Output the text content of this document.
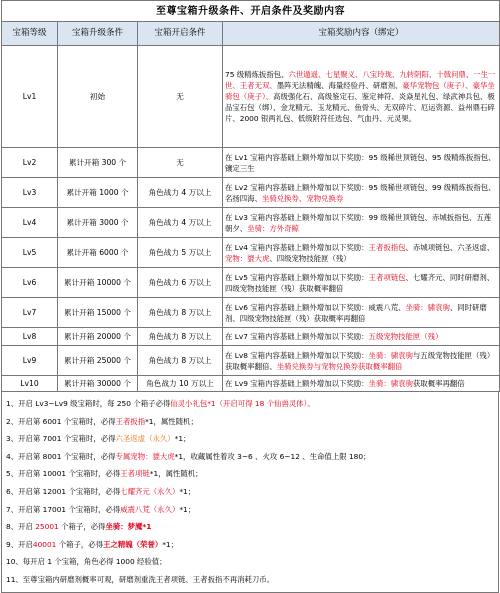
至尊宝箱升级条件、开启条件及奖励内容			
宝箱等级	宝箱升级条件	宝箱开启条件	宝箱奖励内容（绑定）
Lv1	初始	无	75 级精炼扳指包、六世遁遥、七星聚义、八宝玲珑、九转阴阳、十戟问鼎、一生一世、王者无双、墨阵无法精魄、海量经验丹、研磨剂、豪华宠物包（庚子）、豪华坐骑包（庚子）、高级强化石、高级鉴定石、鉴定神符、炎焱星礼包、绿武神兵包、极品宝石包（绑）、金龙精元、玉龙精元、鱼骨头、无双碎片、厄运资源、益州鼎石碎片、2000 银两礼包、低级附符任选包、气血丹、元灵果。
Lv2	累计开箱 300 个	无	在 Lv1 宝箱内容基础上额外增加以下奖励：95 级稀世顶链包、95 级精炼扳指包、镶定三生
Lv3	累计开箱 1000 个	角色战力 4 万以上	在 Lv2 宝箱内容基础上额外增加以下奖励：95 级稀世项链包、99 级精炼扳指包、名扬四海、坐骑兑换券、宠物兑换券
Lv4	累计开箱 3000 个	角色战力 4 万以上	在 Lv3 宝箱内容基础上额外增加以下奖励：99 级稀世顶链包、赤城扳指包、五莲朝夕、坐骑：方外奇鲸
Lv5	累计开箱 6000 个	角色战力 5 万以上	在 Lv4 宝箱内容基础上额外增加以下奖励：王者扳指包、赤城项链包、六圣返虚、宠物：貔大虎、四级宠物技能匣（残）
Lv6	累计开箱 10000 个	角色战力 6 万以上	在 Lv5 宝箱内容基础上额外增加以下奖励：王者项链包、七耀齐元、同时研磨剂、四级宠物技能匣（残）获取概率翻倍
Lv7	累计开箱 15000 个	角色战力 8 万以上	在 Lv6 宝箱内容基础上额外增加以下奖励：威震八荒、坐骑：骕袁驹、同时研磨剂、四级宠物技能匣（残）获取概率再翻倍
Lv8	累计开箱 20000 个	角色战力 8 万以上	在 Lv7 宝箱内容基础上额外增加以下奖励：五级宠物技能匣（残）
Lv9	累计开箱 25000 个	角色战力 8 万以上	在 Lv8 宝箱内容基础上额外增加以下奖励：坐骑：骕袁驹与五级宠物技能匣（残）获取概率翻倍、坐骑兑换券与宠物兑换券获取概率翻倍
Lv10	累计开箱 30000 个	角色战力 10 万以上	在 Lv9 宝箱内容基础上额外增加以下奖励：坐骑：骕袁驹获取概率再翻倍
1、开启 Lv3~Lv9 级宝箱时，每 250 个箱子必得仙灵小礼包*1（开启可得 18 个仙兽灵体）。
2、开启第 6001 个宝箱时，必得王者扳指*1，属性随机；
3、开启第 7001 个宝箱时，必得六圣返虚（永久）*1；
4、开启第 8001 个宝箱时，必得专属宠物：貔大虎*1，收藏属性着攻 3~6 、火攻 6~12 、生命值上限 180；
5、开启第 10001 个宝箱时，必得王者项链*1，属性随机；
6、开启第 12001 个宝箱时，必得七耀齐元（永久）*1；
7、开启第 17001 个宝箱时，必得威震八荒（永久）*1；
8、开启 25001 个箱子，必得坐骑：梦魇*1
9、开启40001 个箱子，必得王之精魄（荣誉）*1；
10、每开启 1 个宝箱，角色必得 1000 经验值；
11、至尊宝箱内研磨剂概率可观，研磨剂重洗王者项链、王者扳指不再消耗刀币。
